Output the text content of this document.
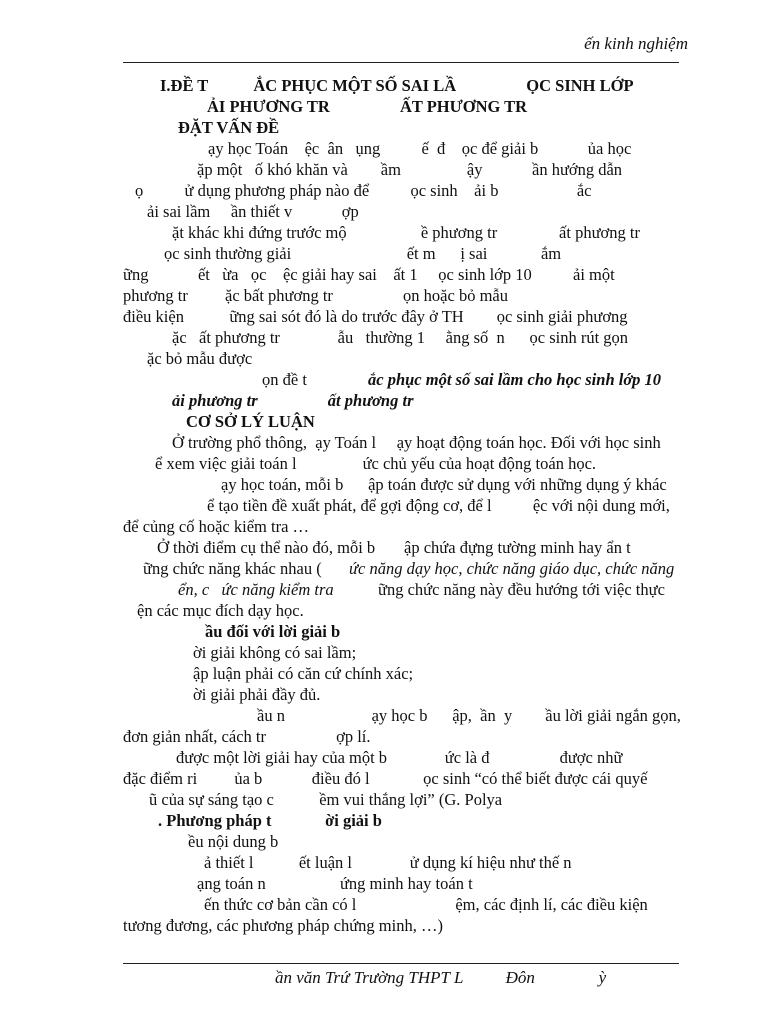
ến kinh nghiệm
I.ĐỀ T           ẮC PHỤC MỘT SỐ SAI LẦ                 ỌC SINH LỚP
ẢI PHƯƠNG TR                 ẤT PHƯƠNG TR
ĐẶT VẤN ĐỀ
ạy học Toán    ệc  ân   ụng          ế  đ    ọc để giải b            ủa học
ặp một   ố khó khăn và        ầm                ậy            ần hướng dẫn
ọ          ử dụng phương pháp nào để          ọc sinh    ải b                   ắc
ải sai lầm     ần thiết v            ợp
ặt khác khi đứng trước mộ                  ề phương tr               ất phương tr
ọc sinh thường giải                            ết m      ị sai             ắm
ững            ết   ừa   ọc    ệc giải hay sai    ất 1     ọc sinh lớp 10          ải một
phương tr         ặc bất phương tr                 ọn hoặc bỏ mẫu
điều kiện           ững sai sót đó là do trước đây ở TH        ọc sinh giải phương
ặc   ất phương tr              ẫu   thường 1     ằng số  n      ọc sinh rút gọn
ặc bỏ mẫu được
ọn đề t	ắc phục một số sai lầm cho học sinh lớp 10
ải phương tr                 ất phương tr
CƠ SỞ LÝ LUẬN
Ở trường phổ thông,  ạy Toán l     ạy hoạt động toán học. Đối với học sinh
ể xem việc giải toán l                ức chủ yếu của hoạt động toán học.
ạy học toán, mỗi b      ập toán được sử dụng với những dụng ý khác
ể tạo tiền đề xuất phát, để gợi động cơ, để l          ệc với nội dung mới,
để củng cố hoặc kiểm tra …
Ở thời điểm cụ thể nào đó, mỗi b       ập chứa đựng tường minh hay ẩn t
ững chức năng khác nhau ( ức năng dạy học, chức năng giáo dục, chức năng
ển, c   ức năng kiểm tra	ững chức năng này đều hướng tới việc thực
ện các mục đích dạy học.
ầu đối với lời giải b
ời giải không có sai lầm;
ập luận phải có căn cứ chính xác;
ời giải phải đầy đủ.
ầu n                     ạy học b      ập,  ần  y        ầu lời giải ngắn gọn,
đơn giản nhất, cách tr                 ợp lí.
được một lời giải hay của một b              ức là đ                 được nhữ
đặc điểm ri         ủa b            điều đó l             ọc sinh “có thể biết được cái quyế
ũ của sự sáng tạo c           ềm vui thắng lợi” (G. Polya
. Phương pháp t             ời giải b
ều nội dung b
ả thiết l           ết luận l              ử dụng kí hiệu như thế n
ạng toán n                  ứng minh hay toán t
ến thức cơ bản cần có l                        ệm, các định lí, các điều kiện
tương đương, các phương pháp chứng minh, …)
ần văn Trứ Trường THPT L          Đôn               ỳ
